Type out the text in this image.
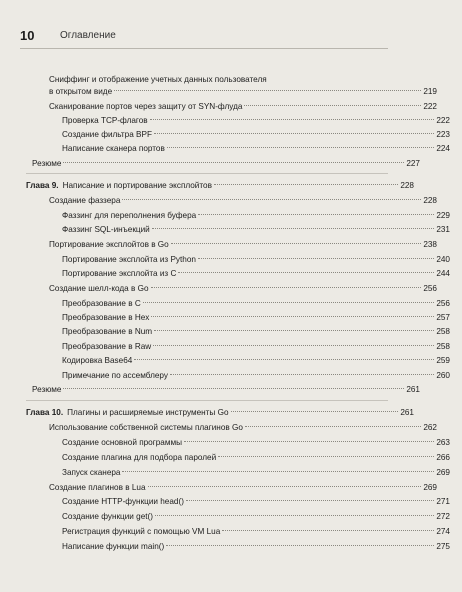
10	Оглавление
Сниффинг и отображение учетных данных пользователя
в открытом виде	219
Сканирование портов через защиту от SYN-флуда	222
Проверка TCP-флагов	222
Создание фильтра BPF	223
Написание сканера портов	224
Резюме	227
Глава 9. Написание и портирование эксплойтов	228
Создание фаззера	228
Фаззинг для переполнения буфера	229
Фаззинг SQL-инъекций	231
Портирование эксплойтов в Go	238
Портирование эксплойта из Python	240
Портирование эксплойта из С	244
Создание шелл-кода в Go	256
Преобразование в С	256
Преобразование в Hex	257
Преобразование в Num	258
Преобразование в Raw	258
Кодировка Base64	259
Примечание по ассемблеру	260
Резюме	261
Глава 10. Плагины и расширяемые инструменты Go	261
Использование собственной системы плагинов Go	262
Создание основной программы	263
Создание плагина для подбора паролей	266
Запуск сканера	269
Создание плагинов в Lua	269
Создание HTTP-функции head()	271
Создание функции get()	272
Регистрация функций с помощью VM Lua	274
Написание функции main()	275
